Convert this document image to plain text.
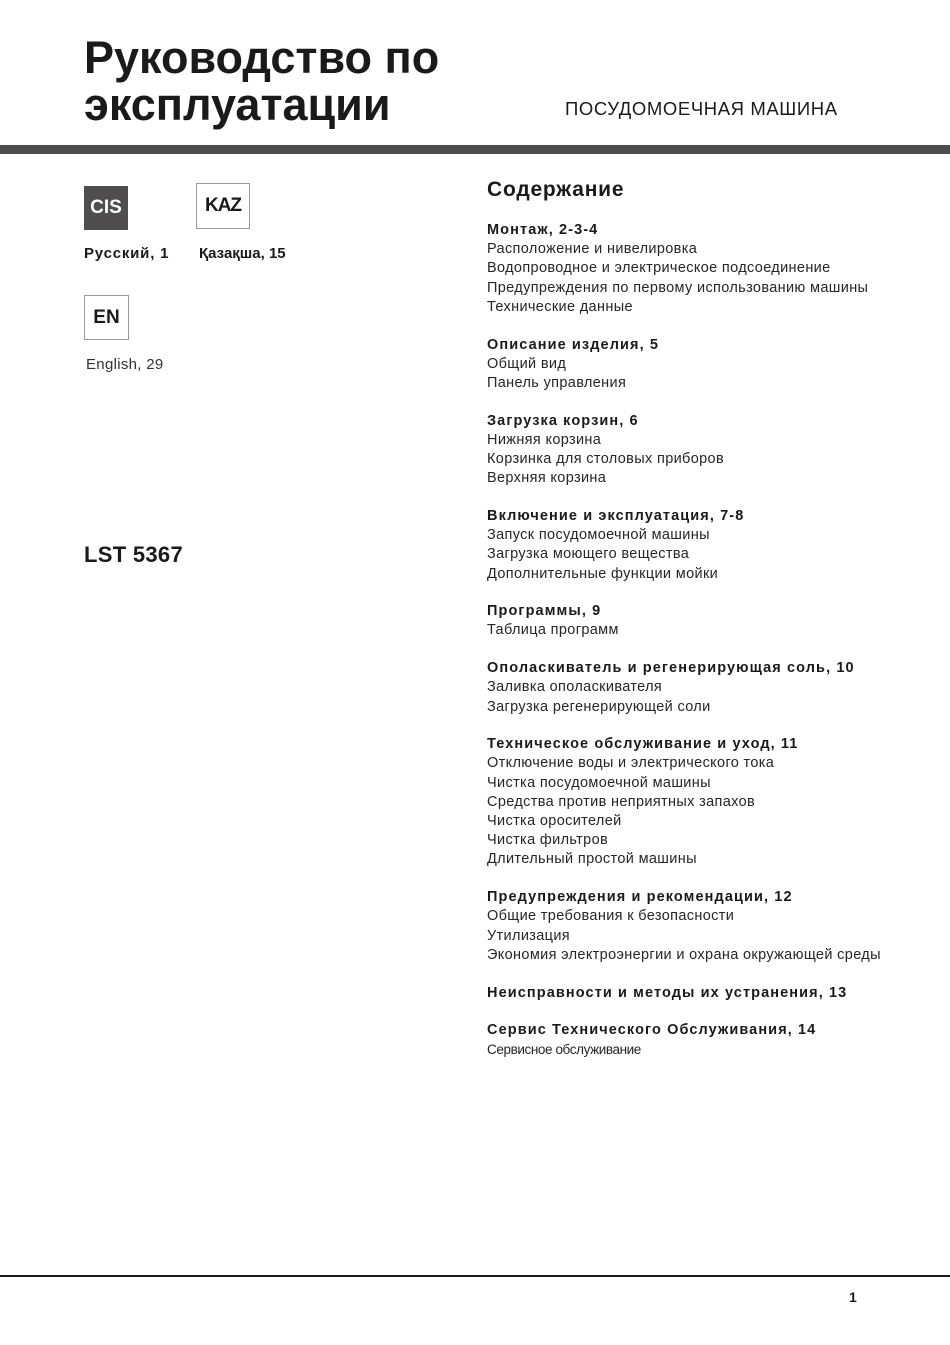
Руководство по
эксплуатации	ПОСУДОМОЕЧНАЯ МАШИНА
CIS
Русский, 1
KAZ
Қазақша, 15
EN
English, 29
LST 5367
Содержание
Монтаж, 2-3-4
Расположение и нивелировка
Водопроводное и электрическое подсоединение
Предупреждения по первому использованию машины
Технические данные
Описание изделия, 5
Общий вид
Панель управления
Загрузка корзин, 6
Нижняя корзина
Корзинка для столовых приборов
Верхняя корзина
Включение и эксплуатация, 7-8
Запуск посудомоечной машины
Загрузка моющего вещества
Дополнительные функции мойки
Программы, 9
Таблица программ
Ополаскиватель и регенерирующая соль, 10
Заливка ополаскивателя
Загрузка регенерирующей соли
Техническое обслуживание и уход, 11
Отключение воды и электрического тока
Чистка посудомоечной машины
Средства против неприятных запахов
Чистка оросителей
Чистка фильтров
Длительный простой машины
Предупреждения и рекомендации, 12
Общие требования к безопасности
Утилизация
Экономия электроэнергии и охрана окружающей среды
Неисправности и методы их устранения, 13
Сервис Технического Обслуживания, 14
Сервисное обслуживание
1
